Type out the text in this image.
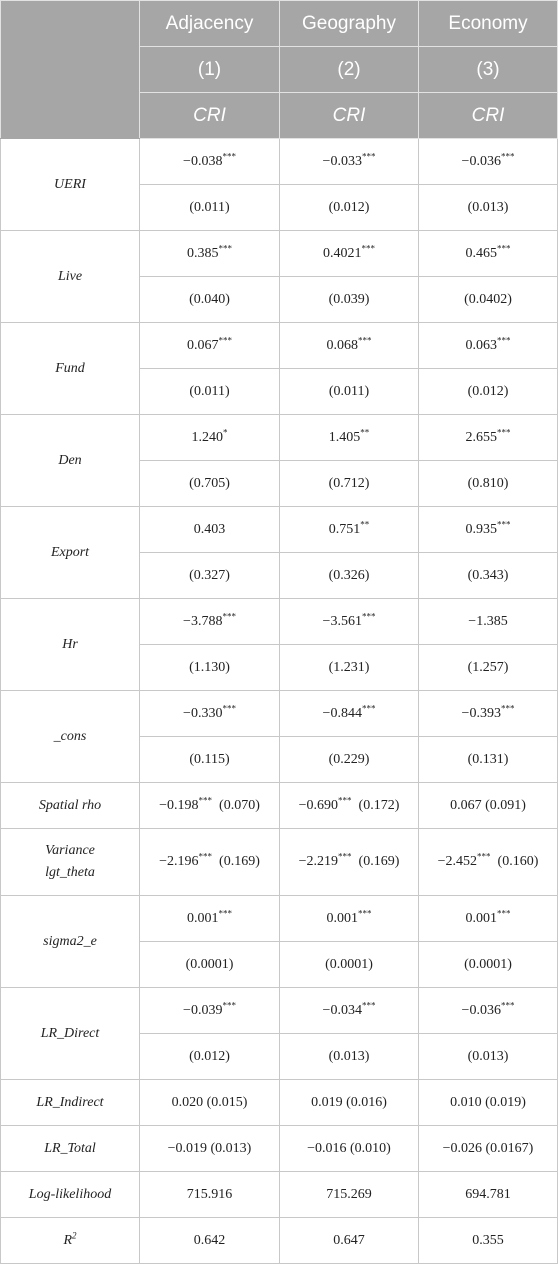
	Adjacency	Geography	Economy
	(1)	(2)	(3)
	CRI	CRI	CRI
UERI	−0.038***	−0.033***	−0.036***
	(0.011)	(0.012)	(0.013)
Live	0.385***	0.4021***	0.465***
	(0.040)	(0.039)	(0.0402)
Fund	0.067***	0.068***	0.063***
	(0.011)	(0.011)	(0.012)
Den	1.240*	1.405**	2.655***
	(0.705)	(0.712)	(0.810)
Export	0.403	0.751**	0.935***
	(0.327)	(0.326)	(0.343)
Hr	−3.788***	−3.561***	−1.385
	(1.130)	(1.231)	(1.257)
_cons	−0.330***	−0.844***	−0.393***
	(0.115)	(0.229)	(0.131)
Spatial rho	−0.198*** (0.070)	−0.690*** (0.172)	0.067 (0.091)

Variance
lgt_theta	−2.196*** (0.169)	−2.219*** (0.169)	−2.452*** (0.160)
sigma2_e	0.001***	0.001***	0.001***
	(0.0001)	(0.0001)	(0.0001)
LR_Direct	−0.039***	−0.034***	−0.036***
	(0.012)	(0.013)	(0.013)
LR_Indirect	0.020 (0.015)	0.019 (0.016)	0.010 (0.019)
LR_Total	−0.019 (0.013)	−0.016 (0.010)	−0.026 (0.0167)
Log-likelihood	715.916	715.269	694.781
$R^2$	0.642	0.647	0.355
